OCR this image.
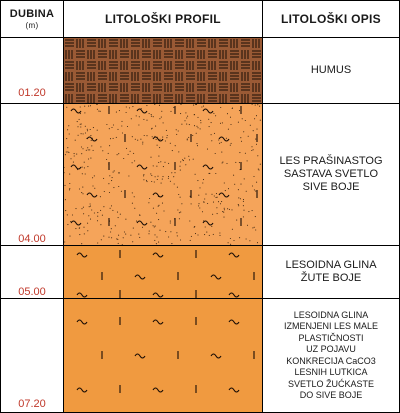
DUBINA
(m)	LITOLOŠKI PROFIL	LITOLOŠKI OPIS
01.20
04.00
05.00
07.20
HUMUS
LES PRAŠINASTOG
SASTAVA SVETLO
SIVE BOJE
LESOIDNA GLINA
ŽUTE BOJE
LESOIDNA GLINA
IZMENJENI LES MALE
PLASTIČNOSTI
UZ POJAVU
KONKRECIJA CaCO3
LESNIH LUTKICA
SVETLO ŽUĆKASTE
DO SIVE BOJE
